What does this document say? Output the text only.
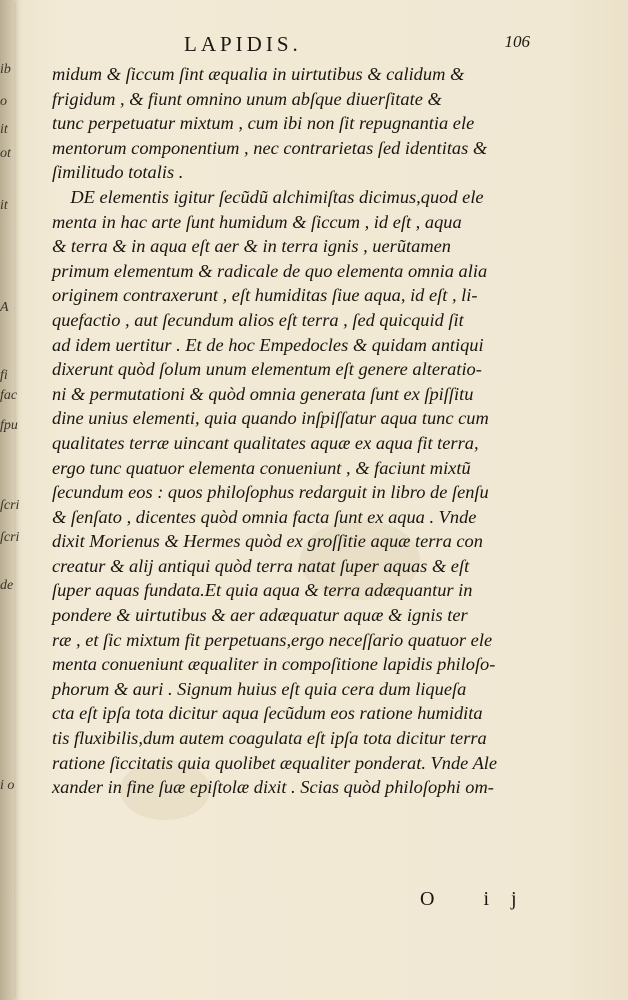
ib
o
it
ot
it
A
fi
fac
fpu
ſcri
ſcri
de
i o
LAPIDIS.	106
midum & ſiccum ſint æqualia in uirtutibus & calidum &
frigidum , & fiunt omnino unum abſque diuerſitate &
tunc perpetuatur mixtum , cum ibi non ſit repugnantia ele
mentorum componentium , nec contrarietas ſed identitas &
ſimilitudo totalis .
DE elementis igitur ſecũdũ alchimiſtas dicimus,quod ele
menta in hac arte ſunt humidum & ſiccum , id eſt , aqua
& terra & in aqua eſt aer & in terra ignis , uerũtamen
primum elementum & radicale de quo elementa omnia alia
originem contraxerunt , eſt humiditas ſiue aqua, id eſt , li-
quefactio , aut ſecundum alios eſt terra , ſed quicquid ſit
ad idem uertitur . Et de hoc Empedocles & quidam antiqui
dixerunt quòd ſolum unum elementum eſt genere alteratio-
ni & permutationi & quòd omnia generata ſunt ex ſpiſſitu
dine unius elementi, quia quando inſpiſſatur aqua tunc cum
qualitates terræ uincant qualitates aquæ ex aqua fit terra,
ergo tunc quatuor elementa conueniunt , & faciunt mixtũ
ſecundum eos : quos philoſophus redarguit in libro de ſenſu
& ſenſato , dicentes quòd omnia facta ſunt ex aqua . Vnde
dixit Morienus & Hermes quòd ex groſſitie aquæ terra con
creatur & alij antiqui quòd terra natat ſuper aquas & eſt
ſuper aquas fundata.Et quia aqua & terra adæquantur in
pondere & uirtutibus & aer adæquatur aquæ & ignis ter
ræ , et ſic mixtum fit perpetuans,ergo neceſſario quatuor ele
menta conueniunt æqualiter in compoſitione lapidis philoſo-
phorum & auri . Signum huius eſt quia cera dum liqueſa
cta eſt ipſa tota dicitur aqua ſecũdum eos ratione humidita
tis fluxibilis,dum autem coagulata eſt ipſa tota dicitur terra
ratione ſiccitatis quia quolibet æqualiter ponderat. Vnde Ale
xander in fine ſuæ epiſtolæ dixit . Scias quòd philoſophi om-
O ij
